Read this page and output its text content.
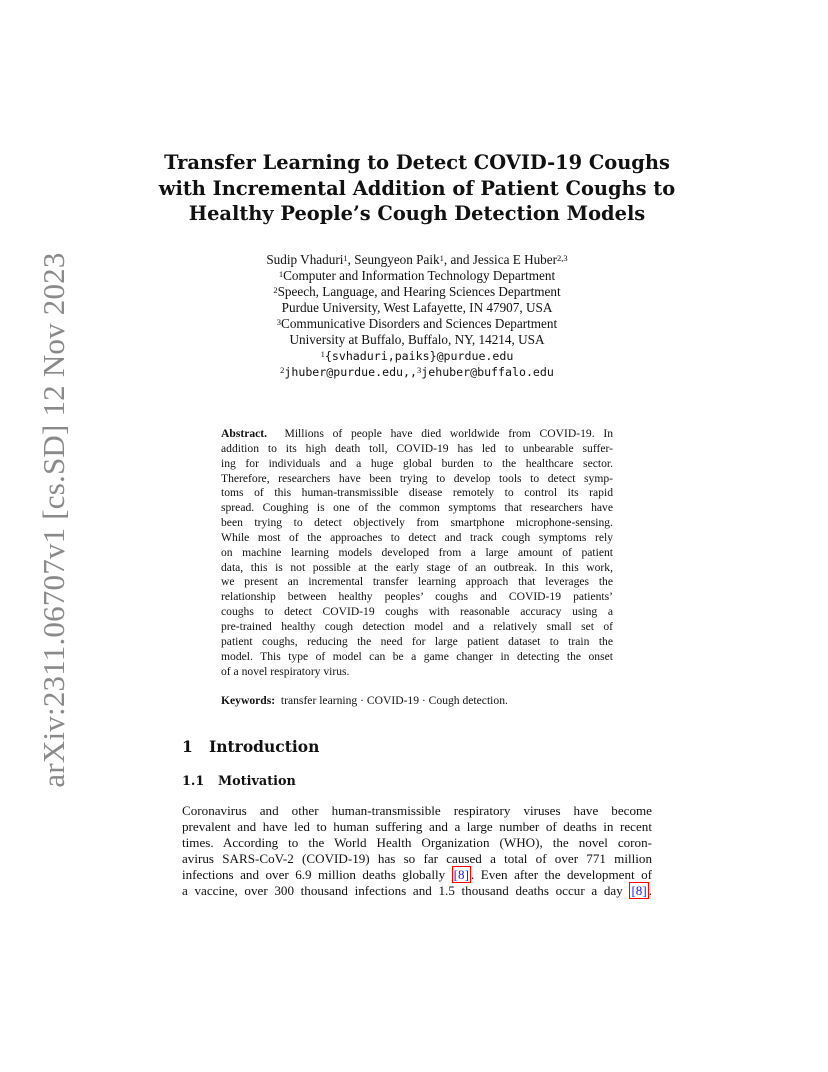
arXiv:2311.06707v1 [cs.SD] 12 Nov 2023
Transfer Learning to Detect COVID-19 Coughs
with Incremental Addition of Patient Coughs to
Healthy People’s Cough Detection Models
Sudip Vhaduri$^1$, Seungyeon Paik$^1$, and Jessica E Huber$^{2,3}$
$^1$Computer and Information Technology Department
$^2$Speech, Language, and Hearing Sciences Department
Purdue University, West Lafayette, IN 47907, USA
$^3$Communicative Disorders and Sciences Department
University at Buffalo, Buffalo, NY, 14214, USA
$^1${svhaduri,paiks}@purdue.edu
$^2$jhuber@purdue.edu,,$^3$jehuber@buffalo.edu
Abstract. Millions of people have died worldwide from COVID-19. In
addition to its high death toll, COVID-19 has led to unbearable suffer-
ing for individuals and a huge global burden to the healthcare sector.
Therefore, researchers have been trying to develop tools to detect symp-
toms of this human-transmissible disease remotely to control its rapid
spread. Coughing is one of the common symptoms that researchers have
been trying to detect objectively from smartphone microphone-sensing.
While most of the approaches to detect and track cough symptoms rely
on machine learning models developed from a large amount of patient
data, this is not possible at the early stage of an outbreak. In this work,
we present an incremental transfer learning approach that leverages the
relationship between healthy peoples’ coughs and COVID-19 patients’
coughs to detect COVID-19 coughs with reasonable accuracy using a
pre-trained healthy cough detection model and a relatively small set of
patient coughs, reducing the need for large patient dataset to train the
model. This type of model can be a game changer in detecting the onset
of a novel respiratory virus.
Keywords: transfer learning · COVID-19 · Cough detection.
1 Introduction
1.1 Motivation
Coronavirus and other human-transmissible respiratory viruses have become
prevalent and have led to human suffering and a large number of deaths in recent
times. According to the World Health Organization (WHO), the novel coron-
avirus SARS-CoV-2 (COVID-19) has so far caused a total of over 771 million
infections and over 6.9 million deaths globally [8] . Even after the development of
a vaccine, over 300 thousand infections and 1.5 thousand deaths occur a day [8] .
